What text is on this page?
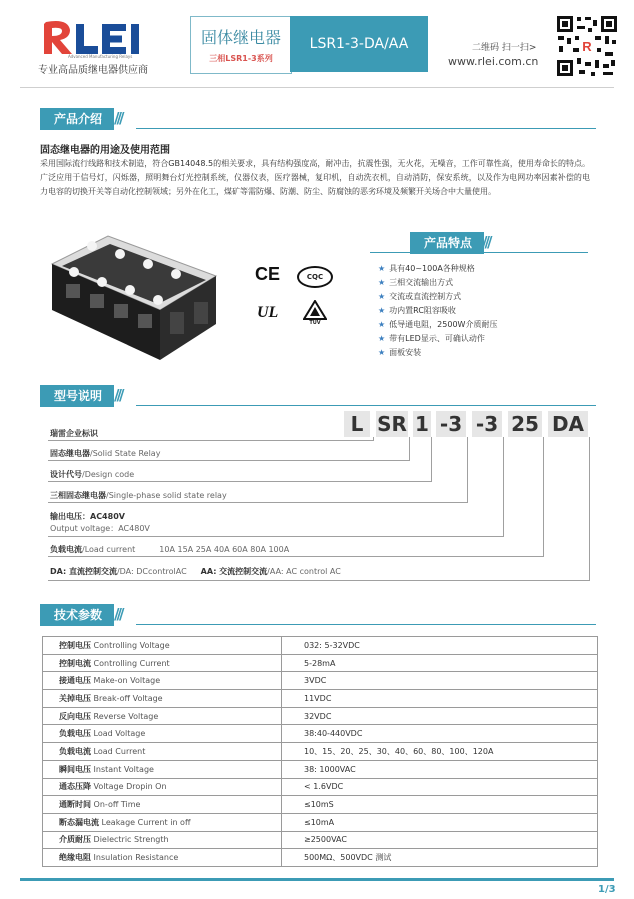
Advanced Manufacturing Relays
专业高品质继电器供应商
固体继电器
三相LSR1-3系列
LSR1-3-DA/AA	二维码 扫一扫>
www.rlei.com.cn
R
产品介绍 ///
固态继电器的用途及使用范围
采用国际流行线路和技术制造，符合GB14048.5的相关要求，具有结构强度高，耐冲击，抗震性强，无火花，无噪音，工作可靠性高，使用寿命长的特点。广泛应用于信号灯，闪烁器，照明舞台灯光控制系统，仪器仪表，医疗器械，复印机，自动洗衣机，自动消防，保安系统，以及作为电网功率因素补偿的电力电容的切换开关等自动化控制领域；另外在化工，煤矿等需防爆、防潮、防尘、防腐蚀的恶劣环境及频繁开关场合中大量使用。
产品特点 ///
CE	CQC
UL
TÜV
★ 具有40~100A各种规格
★ 三相交流输出方式
★ 交流或直流控制方式
★ 功内置RC阻容吸收
★ 低导通电阻，2500W介质耐压
★ 带有LED显示、可确认动作
★ 面板安装
型号说明 ///
L SR 1 -3 -3 25 DA
瑞雷企业标识
固态继电器/Solid State Relay
设计代号/Design code
三相固态继电器/Single-phase solid state relay
输出电压：AC480V
Output voltage：AC480V
负载电流/Load current	10A 15A 25A 40A 60A 80A 100A
DA: 直流控制交流/DA: DCcontrolAC AA: 交流控制交流/AA: AC control AC
技术参数 ///
控制电压 Controlling Voltage	032: 5-32VDC
控制电流 Controlling Current	5-28mA
接通电压 Make-on Voltage	3VDC
关掉电压 Break-off Voltage	11VDC
反向电压 Reverse Voltage	32VDC
负载电压 Load Voltage	38:40-440VDC
负载电流 Load Current	10、15、20、25、30、40、60、80、100、120A
瞬间电压 Instant Voltage	38: 1000VAC
通态压降 Voltage Dropin On	< 1.6VDC
通断时间 On-off Time	≤10mS
断态漏电流 Leakage Current in off	≤10mA
介质耐压 Dielectric Strength	≥2500VAC
绝缘电阻 Insulation Resistance	500MΩ、500VDC 测试
1/3
